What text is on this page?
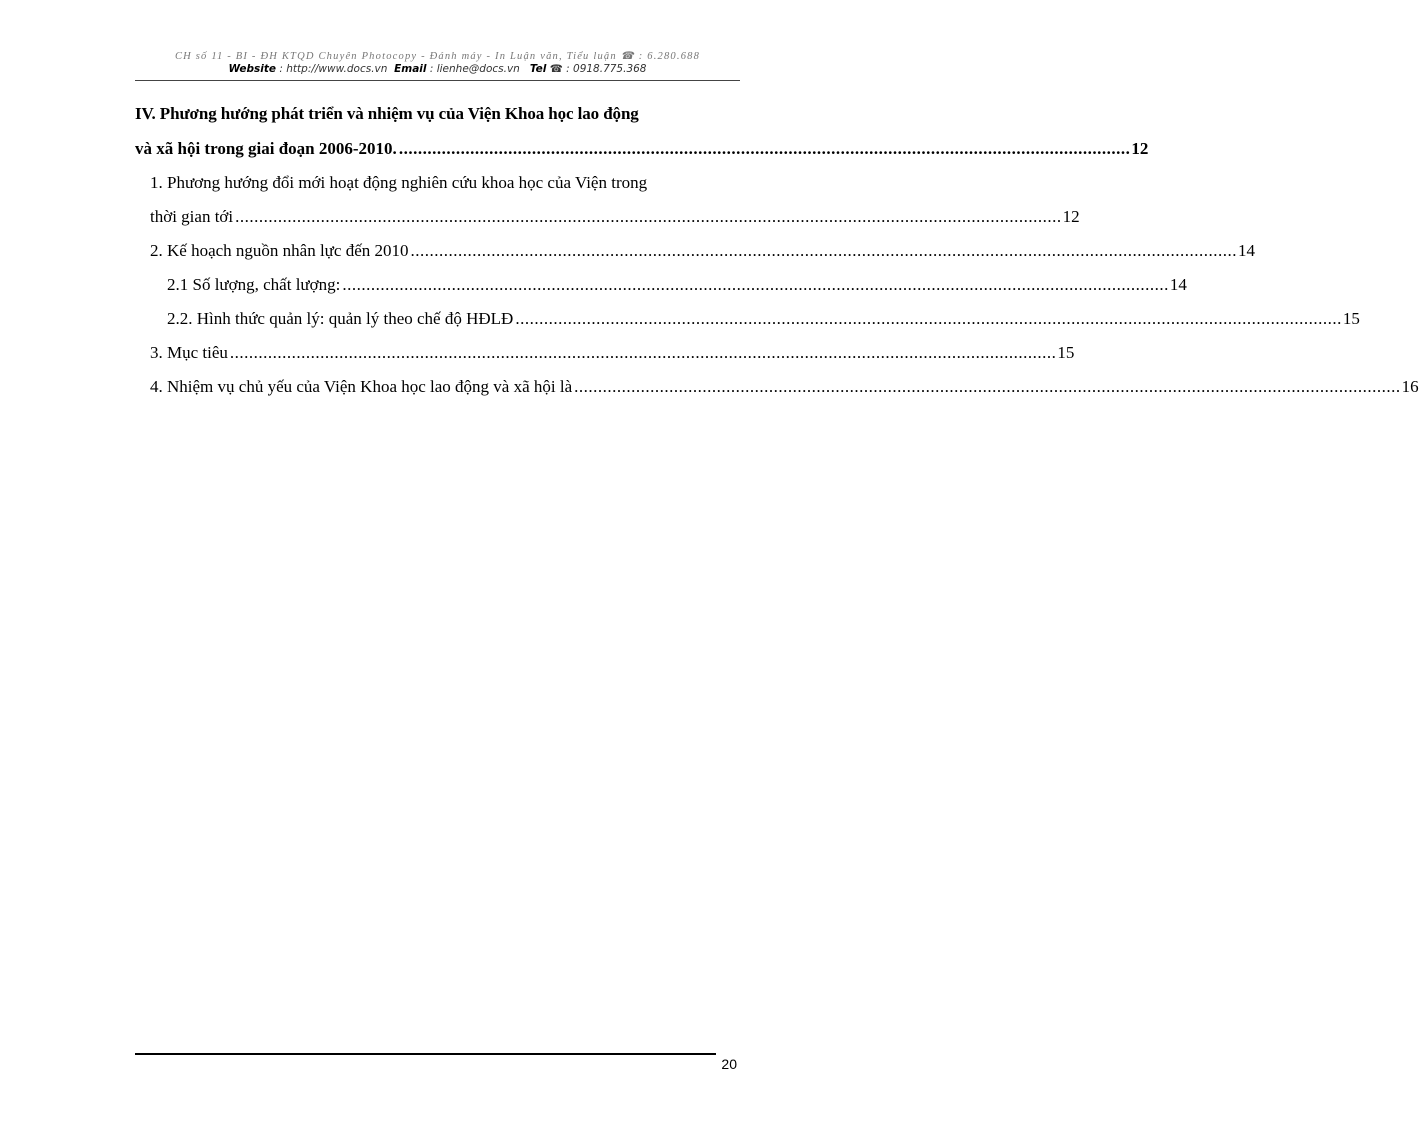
CH số 11 - BI - ĐH KTQD Chuyên Photocopy - Đánh máy - In Luận văn, Tiểu luận ☎ : 6.280.688
Website : http://www.docs.vn Email : lienhe@docs.vn Tel ☎ : 0918.775.368
IV. Phương hướng phát triển và nhiệm vụ của Viện Khoa học lao động
và xã hội trong giai đoạn 2006-2010. .......................................................................................................................................................... 12
1. Phương hướng đổi mới hoạt động nghiên cứu khoa học của Viện trong
thời gian tới .............................................................................................................................................................................. 12
2. Kế hoạch nguồn nhân lực đến 2010 .............................................................................................................................................................................. 14
2.1 Số lượng, chất lượng: .............................................................................................................................................................................. 14
2.2. Hình thức quản lý: quản lý theo chế độ HĐLĐ .............................................................................................................................................................................. 15
3. Mục tiêu .............................................................................................................................................................................. 15
4. Nhiệm vụ chủ yếu của Viện Khoa học lao động và xã hội là .............................................................................................................................................................................. 16
20
